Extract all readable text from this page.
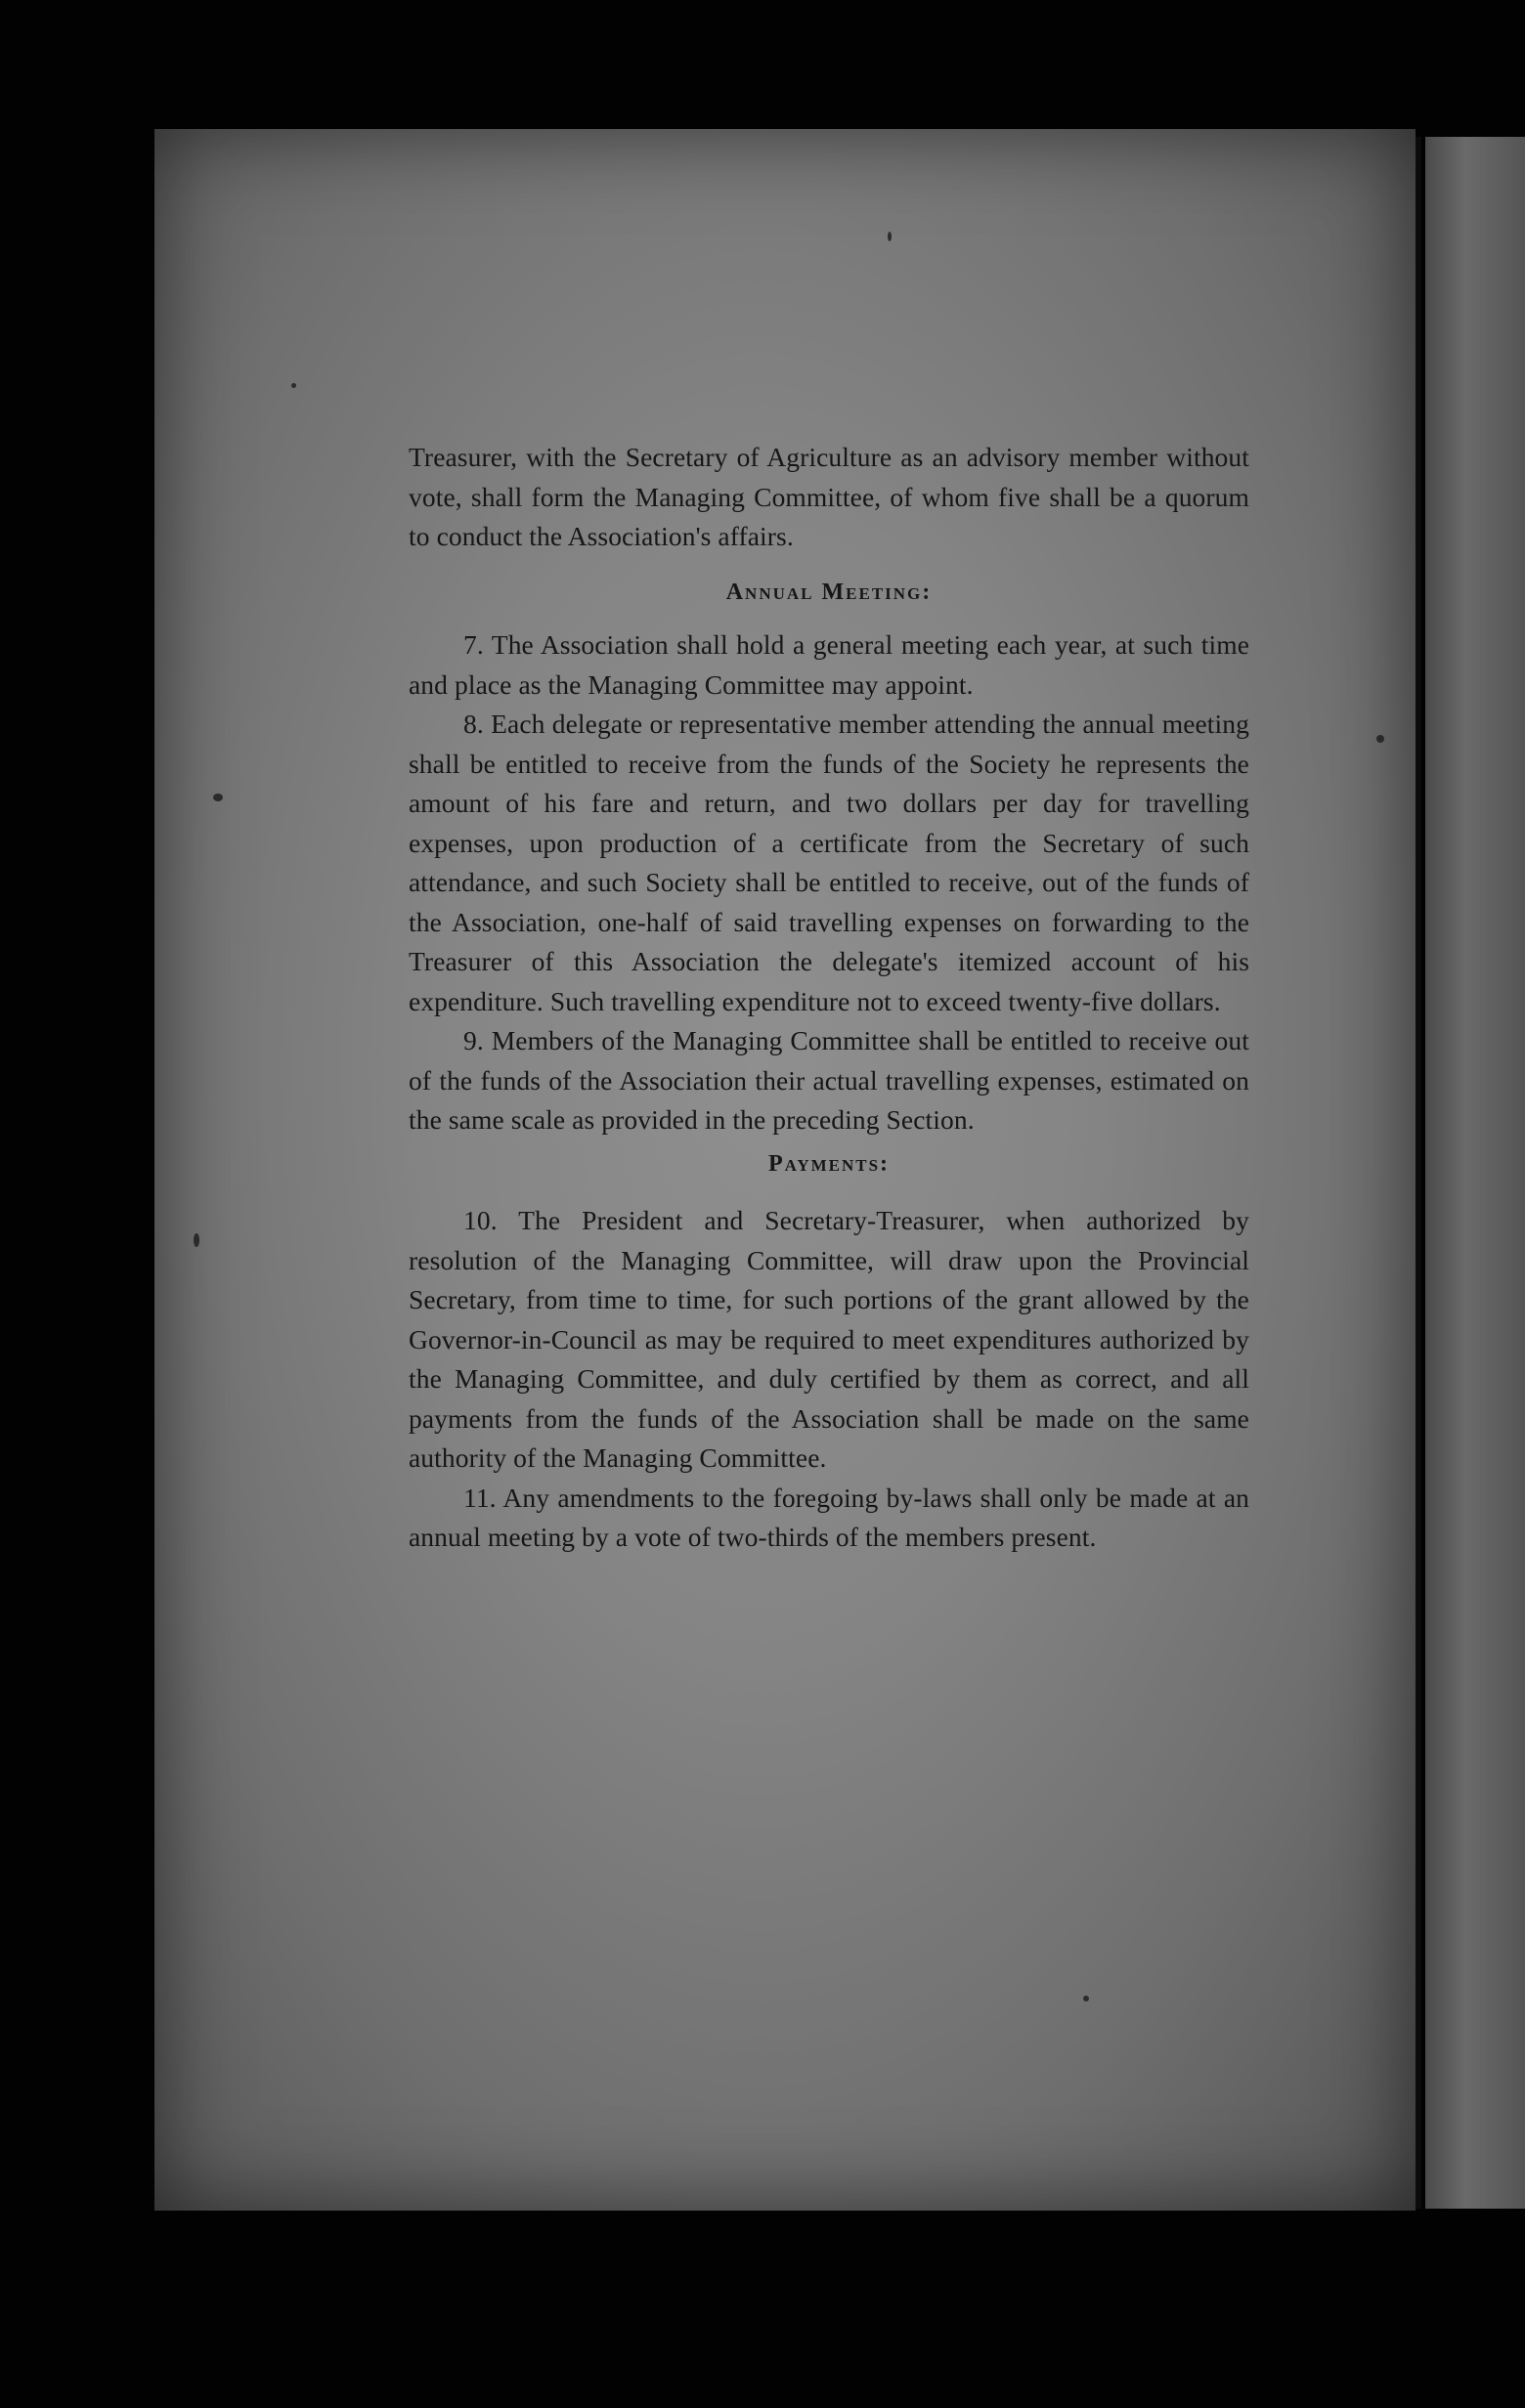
Treasurer, with the Secretary of Agriculture as an advisory member without vote, shall form the Managing Committee, of whom five shall be a quorum to conduct the Association's affairs.

Annual Meeting:

7. The Association shall hold a general meeting each year, at such time and place as the Managing Committee may appoint.

8. Each delegate or representative member attending the annual meeting shall be entitled to receive from the funds of the Society he represents the amount of his fare and return, and two dollars per day for travelling expenses, upon production of a certificate from the Secretary of such attendance, and such Society shall be entitled to receive, out of the funds of the Association, one-half of said travelling expenses on forwarding to the Treasurer of this Association the delegate's itemized account of his expenditure. Such travelling expenditure not to exceed twenty-five dollars.

9. Members of the Managing Committee shall be entitled to receive out of the funds of the Association their actual travelling expenses, estimated on the same scale as provided in the preceding Section.

Payments:

10. The President and Secretary-Treasurer, when authorized by resolution of the Managing Committee, will draw upon the Provincial Secretary, from time to time, for such portions of the grant allowed by the Governor-in-Council as may be required to meet expenditures authorized by the Managing Committee, and duly certified by them as correct, and all payments from the funds of the Association shall be made on the same authority of the Managing Committee.

11. Any amendments to the foregoing by-laws shall only be made at an annual meeting by a vote of two-thirds of the members present.
